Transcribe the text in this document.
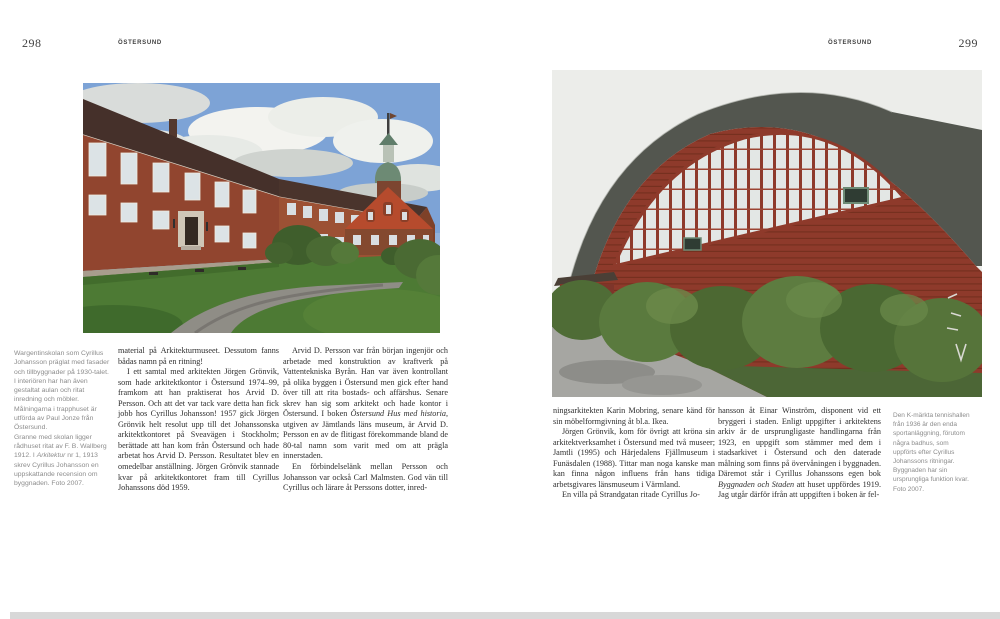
298	ÖSTERSUND

Wargentinskolan som Cyrillus Johansson präglat med fasader och tillbyggnader på 1930-talet. I interiören har han även gestaltat aulan och ritat inredning och möbler. Målningarna i trapphuset är utförda av Paul Jonze från Östersund.

Granne med skolan ligger rådhuset ritat av F. B. Wallberg 1912. I Arkitektur nr 1, 1913 skrev Cyrillus Johansson en uppskattande recension om byggnaden. Foto 2007.

material på Arkitekturmuseet. Dessutom fanns bådas namn på en ritning!

I ett samtal med arkitekten Jörgen Grönvik, som hade arkitektkontor i Östersund 1974–99, framkom att han praktiserat hos Arvid D. Persson. Och att det var tack vare detta han fick jobb hos Cyrillus Johansson! 1957 gick Jörgen Grönvik helt resolut upp till det Johanssonska arkitektkontoret på Sveavägen i Stockholm; berättade att han kom från Östersund och hade arbetat hos Arvid D. Persson. Resultatet blev en omedelbar anställning. Jörgen Grönvik stannade kvar på arkitektkontoret fram till Cyrillus Johanssons död 1959.

Arvid D. Persson var från början ingenjör och arbetade med konstruktion av kraftverk på Vattentekniska Byrån. Han var även kontrollant på olika byggen i Östersund men gick efter hand över till att rita bostads- och affärshus. Senare skrev han sig som arkitekt och hade kontor i Östersund. I boken Östersund Hus med historia, utgiven av Jämtlands läns museum, är Arvid D. Persson en av de flitigast förekommande bland de 80-tal namn som varit med om att prägla innerstaden.

En förbindelselänk mellan Persson och Johansson var också Carl Malmsten. God vän till Cyrillus och lärare åt Perssons dotter, inred-

ÖSTERSUND	299

ningsarkitekten Karin Mobring, senare känd för sin möbelformgivning åt bl.a. Ikea.

Jörgen Grönvik, kom för övrigt att kröna sin arkitektverksamhet i Östersund med två museer; Jamtli (1995) och Härjedalens Fjällmuseum i Funäsdalen (1988). Tittar man noga kanske man kan finna någon influens från hans tidiga arbetsgivares länsmuseum i Värmland.

En villa på Strandgatan ritade Cyrillus Jo-

hansson åt Einar Winström, disponent vid ett bryggeri i staden. Enligt uppgifter i arkitektens arkiv är de ursprungligaste handlingarna från 1923, en uppgift som stämmer med dem i stadsarkivet i Östersund och den daterade målning som finns på övervåningen i byggnaden. Däremot står i Cyrillus Johanssons egen bok Byggnaden och Staden att huset uppfördes 1919. Jag utgår därför ifrån att uppgiften i boken är fel-

Den K-märkta tennishallen från 1936 är den enda sportanläggning, förutom några badhus, som uppförts efter Cyrillus Johanssons ritningar. Byggnaden har sin ursprungliga funktion kvar. Foto 2007.
